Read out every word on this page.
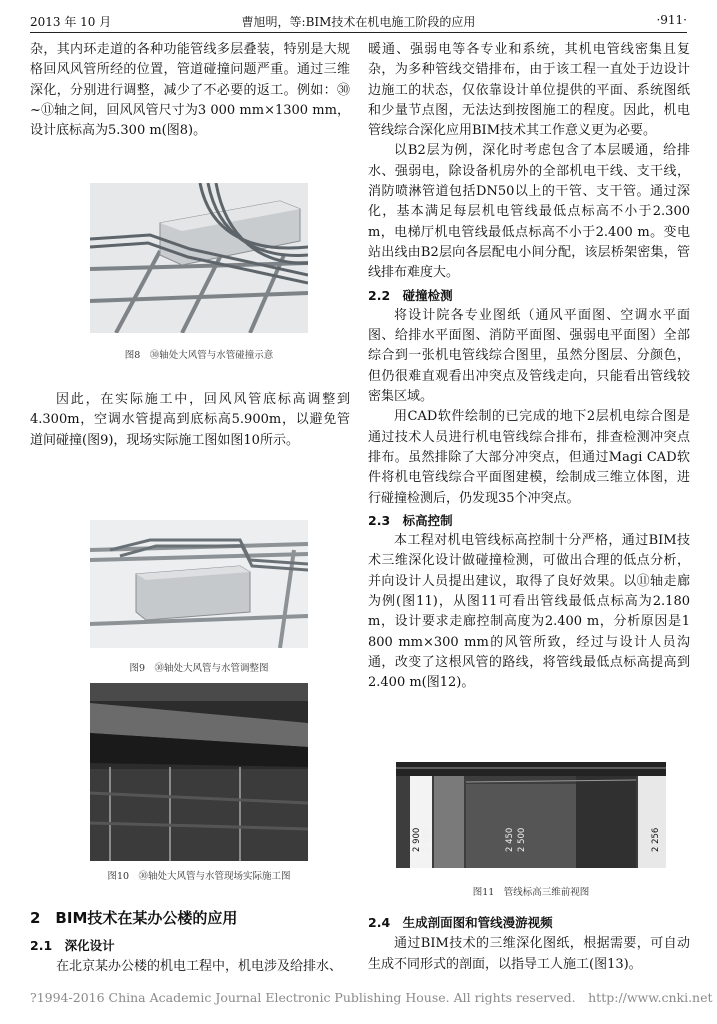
2013 年 10 月	曹旭明，等:BIM技术在机电施工阶段的应用	·911·

杂，其内环走道的各种功能管线多层叠装，特别是大规格回风风管所经的位置，管道碰撞问题严重。通过三维深化，分别进行调整，减少了不必要的返工。例如：㉚~⑪轴之间，回风风管尺寸为3 000 mm×1300 mm，设计底标高为5.300 m(图8)。

图8　㉚轴处大风管与水管碰撞示意

因此，在实际施工中，回风风管底标高调整到4.300m，空调水管提高到底标高5.900m，以避免管道间碰撞(图9)，现场实际施工图如图10所示。

图9　㉚轴处大风管与水管调整图
图10　㉚轴处大风管与水管现场实际施工图

2　BIM技术在某办公楼的应用

2.1　深化设计

在北京某办公楼的机电工程中，机电涉及给排水、

暖通、强弱电等各专业和系统，其机电管线密集且复杂，为多种管线交错排布，由于该工程一直处于边设计边施工的状态，仅依靠设计单位提供的平面、系统图纸和少量节点图，无法达到按图施工的程度。因此，机电管线综合深化应用BIM技术其工作意义更为必要。

以B2层为例，深化时考虑包含了本层暖通，给排水、强弱电，除设备机房外的全部机电干线、支干线，消防喷淋管道包括DN50以上的干管、支干管。通过深化，基本满足每层机电管线最低点标高不小于2.300 m，电梯厅机电管线最低点标高不小于2.400 m。变电站出线由B2层向各层配电小间分配，该层桥架密集，管线排布难度大。

2.2　碰撞检测

将设计院各专业图纸（通风平面图、空调水平面图、给排水平面图、消防平面图、强弱电平面图）全部综合到一张机电管线综合图里，虽然分图层、分颜色，但仍很难直观看出冲突点及管线走向，只能看出管线较密集区域。

用CAD软件绘制的已完成的地下2层机电综合图是通过技术人员进行机电管线综合排布，排查检测冲突点排布。虽然排除了大部分冲突点，但通过Magi CAD软件将机电管线综合平面图建模，绘制成三维立体图，进行碰撞检测后，仍发现35个冲突点。

2.3　标高控制

本工程对机电管线标高控制十分严格，通过BIM技术三维深化设计做碰撞检测，可做出合理的低点分析，并向设计人员提出建议，取得了良好效果。以⑪轴走廊为例(图11)，从图11可看出管线最低点标高为2.180 m，设计要求走廊控制高度为2.400 m，分析原因是1 800 mm×300 mm的风管所致，经过与设计人员沟通，改变了这根风管的路线，将管线最低点标高提高到2.400 m(图12)。

2 900 2 180	2 450 2 500	2 256
图11　管线标高三维前视图

2.4　生成剖面图和管线漫游视频

通过BIM技术的三维深化图纸，根据需要，可自动生成不同形式的剖面，以指导工人施工(图13)。

?1994-2016 China Academic Journal Electronic Publishing House. All rights reserved.　http://www.cnki.net
